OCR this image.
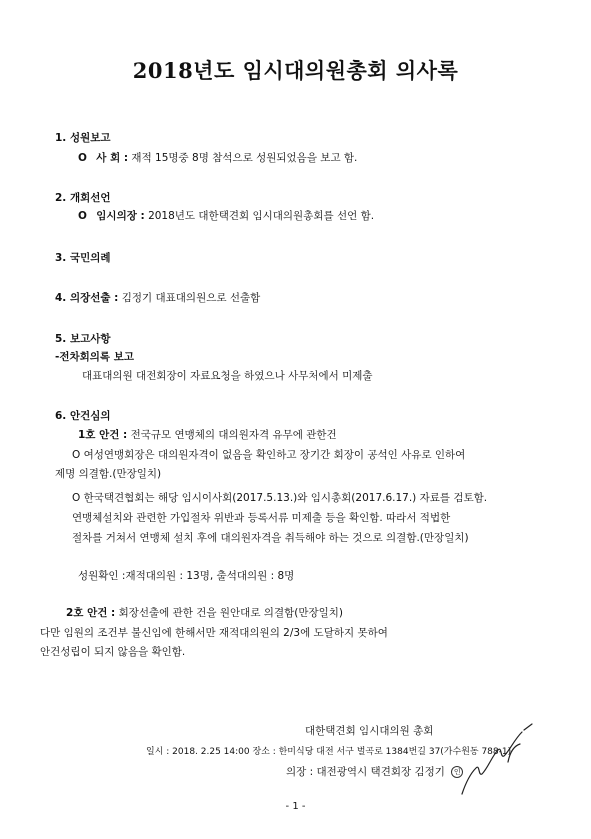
2018년도 임시대의원총회 의사록
1. 성원보고
O 사 회 : 재적 15명중 8명 참석으로 성원되었음을 보고 함.
2. 개회선언
O 임시의장 : 2018년도 대한택견회 임시대의원총회를 선언 함.
3. 국민의례
4. 의장선출 : 김정기 대표대의원으로 선출함
5. 보고사항
-전차회의록 보고
대표대의원 대전회장이 자료요청을 하였으나 사무처에서 미제출
6. 안건심의
1호 안건 : 전국규모 연맹체의 대의원자격 유무에 관한건
O 여성연맹회장은 대의원자격이 없음을 확인하고 장기간 회장이 공석인 사유로 인하여
제명 의결함.(만장일치)
O 한국택견협회는 해당 임시이사회(2017.5.13.)와 임시총회(2017.6.17.) 자료를 검토함.
연맹체설치와 관련한 가입절차 위반과 등록서류 미제출 등을 확인함. 따라서 적법한
절차를 거쳐서 연맹체 설치 후에 대의원자격을 취득해야 하는 것으로 의결함.(만장일치)
성원확인 :재적대의원 : 13명, 출석대의원 : 8명
2호 안건 : 회장선출에 관한 건을 원안대로 의결함(만장일치)
다만 임원의 조건부 불신임에 한해서만 재적대의원의 2/3에 도달하지 못하여
안건성립이 되지 않음을 확인함.
대한택견회 임시대의원 총회
일시 : 2018. 2.25 14:00 장소 : 한미식당 대전 서구 벌곡로 1384번길 37(가수원동 788-1)
의장 : 대전광역시 택견회장 김정기 인
- 1 -
